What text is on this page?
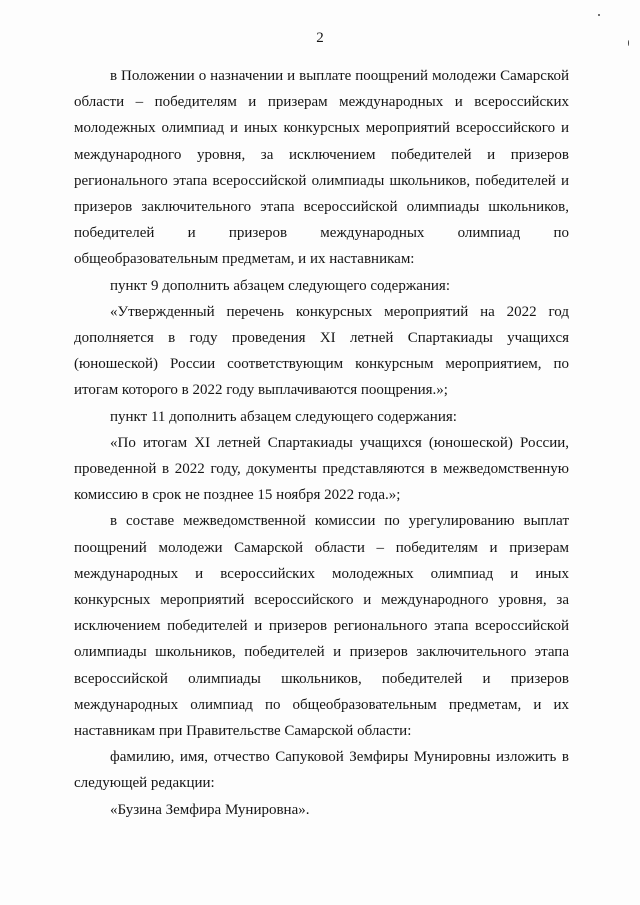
2

в Положении о назначении и выплате поощрений молодежи Самарской области – победителям и призерам международных и всероссийских молодежных олимпиад и иных конкурсных мероприятий всероссийского и международного уровня, за исключением победителей и призеров регионального этапа всероссийской олимпиады школьников, победителей и призеров заключительного этапа всероссийской олимпиады школьников, победителей и призеров международных олимпиад по общеобразовательным предметам, и их наставникам:

пункт 9 дополнить абзацем следующего содержания:

«Утвержденный перечень конкурсных мероприятий на 2022 год дополняется в году проведения XI летней Спартакиады учащихся (юношеской) России соответствующим конкурсным мероприятием, по итогам которого в 2022 году выплачиваются поощрения.»;

пункт 11 дополнить абзацем следующего содержания:

«По итогам XI летней Спартакиады учащихся (юношеской) России, проведенной в 2022 году, документы представляются в межведомственную комиссию в срок не позднее 15 ноября 2022 года.»;

в составе межведомственной комиссии по урегулированию выплат поощрений молодежи Самарской области – победителям и призерам международных и всероссийских молодежных олимпиад и иных конкурсных мероприятий всероссийского и международного уровня, за исключением победителей и призеров регионального этапа всероссийской олимпиады школьников, победителей и призеров заключительного этапа всероссийской олимпиады школьников, победителей и призеров международных олимпиад по общеобразовательным предметам, и их наставникам при Правительстве Самарской области:

фамилию, имя, отчество Сапуковой Земфиры Мунировны изложить в следующей редакции:

«Бузина Земфира Мунировна».
